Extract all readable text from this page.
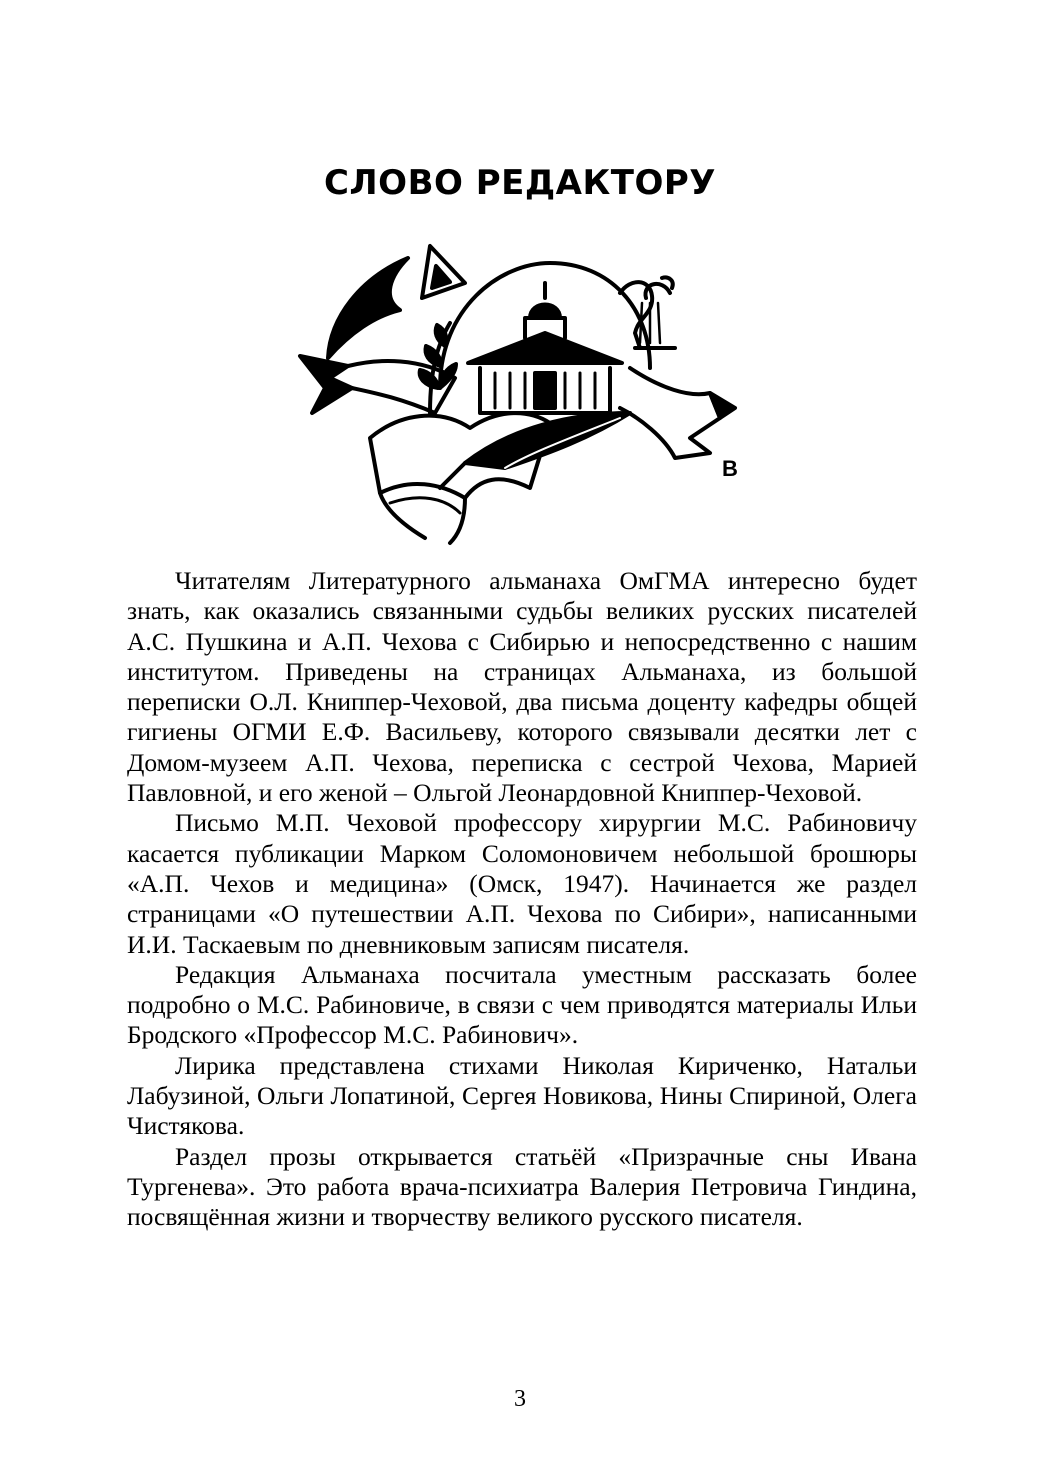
СЛОВО РЕДАКТОРУ
В

Читателям Литературного альманаха ОмГМА интересно будет знать, как оказались связанными судьбы великих русских писателей А.С. Пушкина и А.П. Чехова с Сибирью и непосредственно с нашим институтом. Приведены на страницах Альманаха, из большой переписки О.Л. Книппер-Чеховой, два письма доценту кафедры общей гигиены ОГМИ Е.Ф. Васильеву, которого связывали десятки лет с Домом-музеем А.П. Чехова, переписка с сестрой Чехова, Марией Павловной, и его женой – Ольгой Леонардовной Книппер-Чеховой.

Письмо М.П. Чеховой профессору хирургии М.С. Рабиновичу касается публикации Марком Соломоновичем небольшой брошюры «А.П. Чехов и медицина» (Омск, 1947). Начинается же раздел страницами «О путешествии А.П. Чехова по Сибири», написанными И.И. Таскаевым по дневниковым записям писателя.

Редакция Альманаха посчитала уместным рассказать более подробно о М.С. Рабиновиче, в связи с чем приводятся материалы Ильи Бродского «Профессор М.С. Рабинович».

Лирика представлена стихами Николая Кириченко, Натальи Лабузиной, Ольги Лопатиной, Сергея Новикова, Нины Спириной, Олега Чистякова.

Раздел прозы открывается статьёй «Призрачные сны Ивана Тургенева». Это работа врача-психиатра Валерия Петровича Гиндина, посвящённая жизни и творчеству великого русского писателя.

3
